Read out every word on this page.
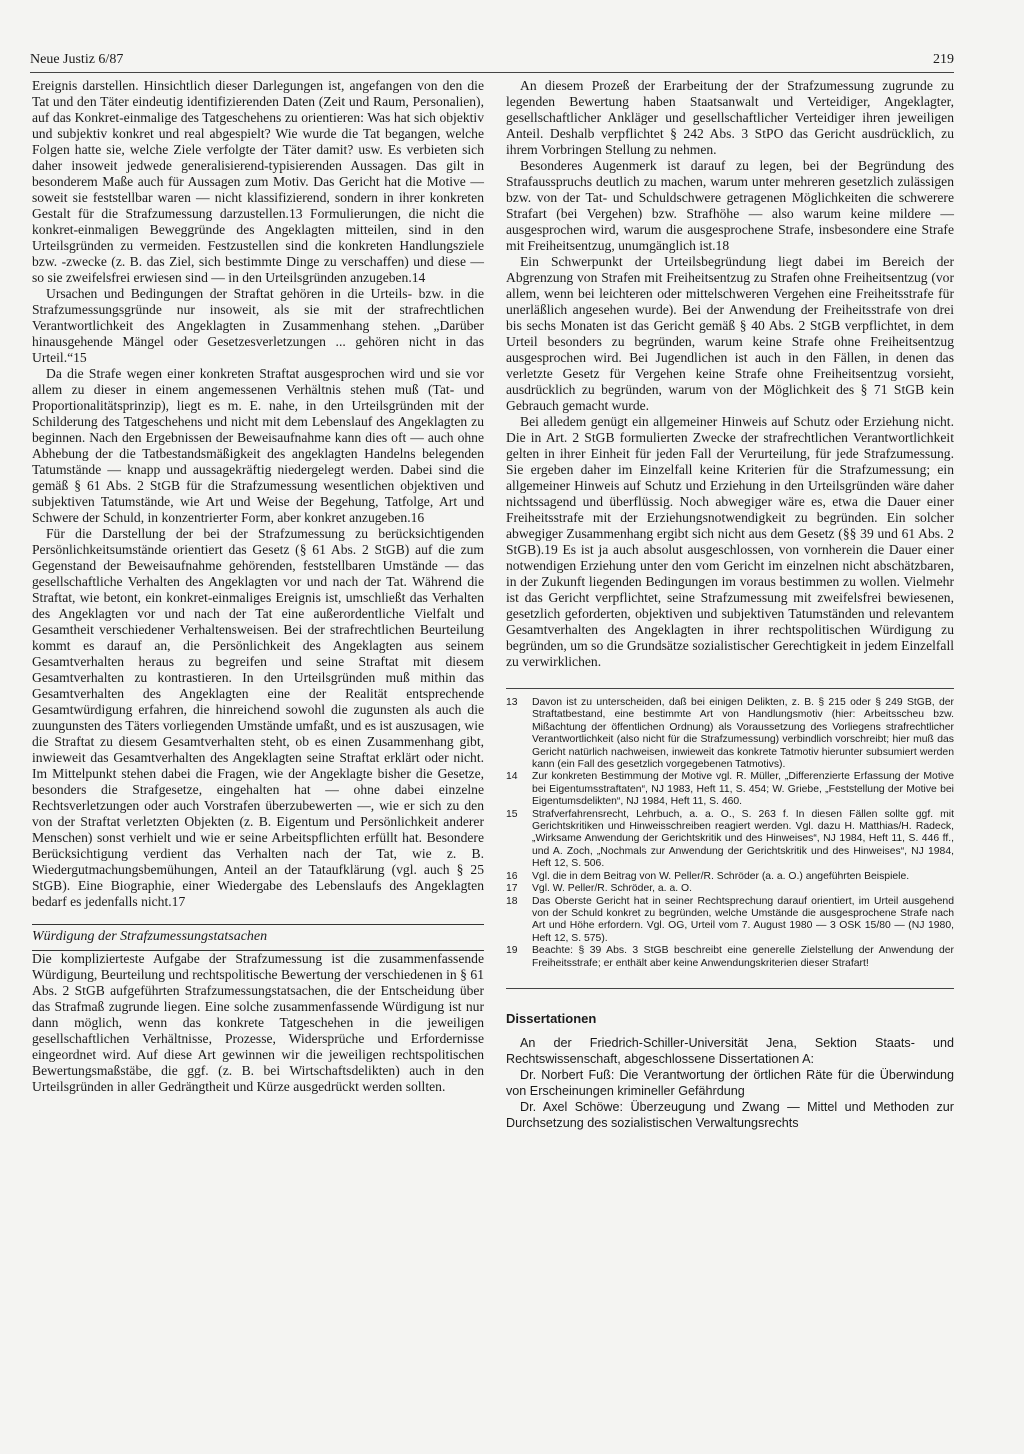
Neue Justiz 6/87	219

Ereignis darstellen. Hinsichtlich dieser Darlegungen ist, angefangen von den die Tat und den Täter eindeutig identifizierenden Daten (Zeit und Raum, Personalien), auf das Konkret-einmalige des Tatgeschehens zu orientieren: Was hat sich objektiv und subjektiv konkret und real abgespielt? Wie wurde die Tat begangen, welche Folgen hatte sie, welche Ziele verfolgte der Täter damit? usw. Es verbieten sich daher insoweit jedwede generalisierend-typisierenden Aussagen. Das gilt in besonderem Maße auch für Aussagen zum Motiv. Das Gericht hat die Motive — soweit sie feststellbar waren — nicht klassifizierend, sondern in ihrer konkreten Gestalt für die Strafzumessung darzustellen.13 Formulierungen, die nicht die konkret-einmaligen Beweggründe des Angeklagten mitteilen, sind in den Urteilsgründen zu vermeiden. Festzustellen sind die konkreten Handlungsziele bzw. -zwecke (z. B. das Ziel, sich bestimmte Dinge zu verschaffen) und diese — so sie zweifelsfrei erwiesen sind — in den Urteilsgründen anzugeben.14

Ursachen und Bedingungen der Straftat gehören in die Urteils- bzw. in die Strafzumessungsgründe nur insoweit, als sie mit der strafrechtlichen Verantwortlichkeit des Angeklagten in Zusammenhang stehen. „Darüber hinausgehende Mängel oder Gesetzesverletzungen ... gehören nicht in das Urteil.“15

Da die Strafe wegen einer konkreten Straftat ausgesprochen wird und sie vor allem zu dieser in einem angemessenen Verhältnis stehen muß (Tat- und Proportionalitätsprinzip), liegt es m. E. nahe, in den Urteilsgründen mit der Schilderung des Tatgeschehens und nicht mit dem Lebenslauf des Angeklagten zu beginnen. Nach den Ergebnissen der Beweisaufnahme kann dies oft — auch ohne Abhebung der die Tatbestandsmäßigkeit des angeklagten Handelns belegenden Tatumstände — knapp und aussagekräftig niedergelegt werden. Dabei sind die gemäß § 61 Abs. 2 StGB für die Strafzumessung wesentlichen objektiven und subjektiven Tatumstände, wie Art und Weise der Begehung, Tatfolge, Art und Schwere der Schuld, in konzentrierter Form, aber konkret anzugeben.16

Für die Darstellung der bei der Strafzumessung zu berücksichtigenden Persönlichkeitsumstände orientiert das Gesetz (§ 61 Abs. 2 StGB) auf die zum Gegenstand der Beweisaufnahme gehörenden, feststellbaren Umstände — das gesellschaftliche Verhalten des Angeklagten vor und nach der Tat. Während die Straftat, wie betont, ein konkret-einmaliges Ereignis ist, umschließt das Verhalten des Angeklagten vor und nach der Tat eine außerordentliche Vielfalt und Gesamtheit verschiedener Verhaltensweisen. Bei der strafrechtlichen Beurteilung kommt es darauf an, die Persönlichkeit des Angeklagten aus seinem Gesamtverhalten heraus zu begreifen und seine Straftat mit diesem Gesamtverhalten zu kontrastieren. In den Urteilsgründen muß mithin das Gesamtverhalten des Angeklagten eine der Realität entsprechende Gesamtwürdigung erfahren, die hinreichend sowohl die zugunsten als auch die zuungunsten des Täters vorliegenden Umstände umfaßt, und es ist auszusagen, wie die Straftat zu diesem Gesamtverhalten steht, ob es einen Zusammenhang gibt, inwieweit das Gesamtverhalten des Angeklagten seine Straftat erklärt oder nicht. Im Mittelpunkt stehen dabei die Fragen, wie der Angeklagte bisher die Gesetze, besonders die Strafgesetze, eingehalten hat — ohne dabei einzelne Rechtsverletzungen oder auch Vorstrafen überzubewerten —, wie er sich zu den von der Straftat verletzten Objekten (z. B. Eigentum und Persönlichkeit anderer Menschen) sonst verhielt und wie er seine Arbeitspflichten erfüllt hat. Besondere Berücksichtigung verdient das Verhalten nach der Tat, wie z. B. Wiedergutmachungsbemühungen, Anteil an der Tataufklärung (vgl. auch § 25 StGB). Eine Biographie, einer Wiedergabe des Lebenslaufs des Angeklagten bedarf es jedenfalls nicht.17

Würdigung der Strafzumessungstatsachen

Die komplizierteste Aufgabe der Strafzumessung ist die zusammenfassende Würdigung, Beurteilung und rechtspolitische Bewertung der verschiedenen in § 61 Abs. 2 StGB aufgeführten Strafzumessungstatsachen, die der Entscheidung über das Strafmaß zugrunde liegen. Eine solche zusammenfassende Würdigung ist nur dann möglich, wenn das konkrete Tatgeschehen in die jeweiligen gesellschaftlichen Verhältnisse, Prozesse, Widersprüche und Erfordernisse eingeordnet wird. Auf diese Art gewinnen wir die jeweiligen rechtspolitischen Bewertungsmaßstäbe, die ggf. (z. B. bei Wirtschaftsdelikten) auch in den Urteilsgründen in aller Gedrängtheit und Kürze ausgedrückt werden sollten.

An diesem Prozeß der Erarbeitung der der Strafzumessung zugrunde zu legenden Bewertung haben Staatsanwalt und Verteidiger, Angeklagter, gesellschaftlicher Ankläger und gesellschaftlicher Verteidiger ihren jeweiligen Anteil. Deshalb verpflichtet § 242 Abs. 3 StPO das Gericht ausdrücklich, zu ihrem Vorbringen Stellung zu nehmen.

Besonderes Augenmerk ist darauf zu legen, bei der Begründung des Strafausspruchs deutlich zu machen, warum unter mehreren gesetzlich zulässigen bzw. von der Tat- und Schuldschwere getragenen Möglichkeiten die schwerere Strafart (bei Vergehen) bzw. Strafhöhe — also warum keine mildere — ausgesprochen wird, warum die ausgesprochene Strafe, insbesondere eine Strafe mit Freiheitsentzug, unumgänglich ist.18

Ein Schwerpunkt der Urteilsbegründung liegt dabei im Bereich der Abgrenzung von Strafen mit Freiheitsentzug zu Strafen ohne Freiheitsentzug (vor allem, wenn bei leichteren oder mittelschweren Vergehen eine Freiheitsstrafe für unerläßlich angesehen wurde). Bei der Anwendung der Freiheitsstrafe von drei bis sechs Monaten ist das Gericht gemäß § 40 Abs. 2 StGB verpflichtet, in dem Urteil besonders zu begründen, warum keine Strafe ohne Freiheitsentzug ausgesprochen wird. Bei Jugendlichen ist auch in den Fällen, in denen das verletzte Gesetz für Vergehen keine Strafe ohne Freiheitsentzug vorsieht, ausdrücklich zu begründen, warum von der Möglichkeit des § 71 StGB kein Gebrauch gemacht wurde.

Bei alledem genügt ein allgemeiner Hinweis auf Schutz oder Erziehung nicht. Die in Art. 2 StGB formulierten Zwecke der strafrechtlichen Verantwortlichkeit gelten in ihrer Einheit für jeden Fall der Verurteilung, für jede Strafzumessung. Sie ergeben daher im Einzelfall keine Kriterien für die Strafzumessung; ein allgemeiner Hinweis auf Schutz und Erziehung in den Urteilsgründen wäre daher nichtssagend und überflüssig. Noch abwegiger wäre es, etwa die Dauer einer Freiheitsstrafe mit der Erziehungsnotwendigkeit zu begründen. Ein solcher abwegiger Zusammenhang ergibt sich nicht aus dem Gesetz (§§ 39 und 61 Abs. 2 StGB).19 Es ist ja auch absolut ausgeschlossen, von vornherein die Dauer einer notwendigen Erziehung unter den vom Gericht im einzelnen nicht abschätzbaren, in der Zukunft liegenden Bedingungen im voraus bestimmen zu wollen. Vielmehr ist das Gericht verpflichtet, seine Strafzumessung mit zweifelsfrei bewiesenen, gesetzlich geforderten, objektiven und subjektiven Tatumständen und relevantem Gesamtverhalten des Angeklagten in ihrer rechtspolitischen Würdigung zu begründen, um so die Grundsätze sozialistischer Gerechtigkeit in jedem Einzelfall zu verwirklichen.

13	Davon ist zu unterscheiden, daß bei einigen Delikten, z. B. § 215 oder § 249 StGB, der Straftatbestand, eine bestimmte Art von Handlungsmotiv (hier: Arbeitsscheu bzw. Mißachtung der öffentlichen Ordnung) als Voraussetzung des Vorliegens strafrechtlicher Verantwortlichkeit (also nicht für die Strafzumessung) verbindlich vorschreibt; hier muß das Gericht natürlich nachweisen, inwieweit das konkrete Tatmotiv hierunter subsumiert werden kann (ein Fall des gesetzlich vorgegebenen Tatmotivs).
14	Zur konkreten Bestimmung der Motive vgl. R. Müller, „Differenzierte Erfassung der Motive bei Eigentumsstraftaten“, NJ 1983, Heft 11, S. 454; W. Griebe, „Feststellung der Motive bei Eigentumsdelikten“, NJ 1984, Heft 11, S. 460.
15	Strafverfahrensrecht, Lehrbuch, a. a. O., S. 263 f. In diesen Fällen sollte ggf. mit Gerichtskritiken und Hinweisschreiben reagiert werden. Vgl. dazu H. Matthias/H. Radeck, „Wirksame Anwendung der Gerichtskritik und des Hinweises“, NJ 1984, Heft 11, S. 446 ff., und A. Zoch, „Nochmals zur Anwendung der Gerichtskritik und des Hinweises“, NJ 1984, Heft 12, S. 506.
16	Vgl. die in dem Beitrag von W. Peller/R. Schröder (a. a. O.) angeführten Beispiele.
17	Vgl. W. Peller/R. Schröder, a. a. O.
18	Das Oberste Gericht hat in seiner Rechtsprechung darauf orientiert, im Urteil ausgehend von der Schuld konkret zu begründen, welche Umstände die ausgesprochene Strafe nach Art und Höhe erfordern. Vgl. OG, Urteil vom 7. August 1980 — 3 OSK 15/80 — (NJ 1980, Heft 12, S. 575).
19	Beachte: § 39 Abs. 3 StGB beschreibt eine generelle Zielstellung der Anwendung der Freiheitsstrafe; er enthält aber keine Anwendungskriterien dieser Strafart!
Dissertationen

An der Friedrich-Schiller-Universität Jena, Sektion Staats- und Rechtswissenschaft, abgeschlossene Dissertationen A:

Dr. Norbert Fuß: Die Verantwortung der örtlichen Räte für die Überwindung von Erscheinungen krimineller Gefährdung

Dr. Axel Schöwe: Überzeugung und Zwang — Mittel und Methoden zur Durchsetzung des sozialistischen Verwaltungsrechts
